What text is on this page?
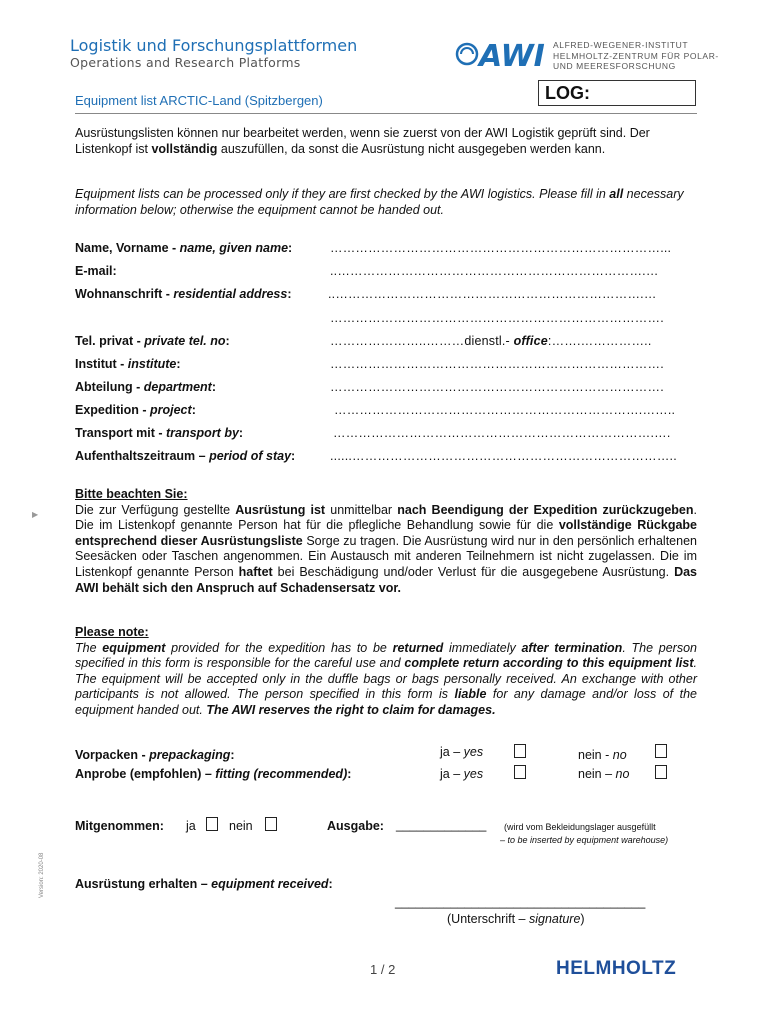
Logistik und Forschungsplattformen
Operations and Research Platforms	AWI ALFRED-WEGENER-INSTITUT
HELMHOLTZ-ZENTRUM FÜR POLAR-
UND MEERESFORSCHUNG
Equipment list ARCTIC-Land (Spitzbergen)	LOG:
Ausrüstungslisten können nur bearbeitet werden, wenn sie zuerst von der AWI Logistik geprüft sind. Der Listenkopf ist vollständig auszufüllen, da sonst die Ausrüstung nicht ausgegeben werden kann.
Equipment lists can be processed only if they are first checked by the AWI logistics. Please fill in all necessary information below; otherwise the equipment cannot be handed out.
Name, Vorname - name, given name:	……………………………………………………………………...
E-mail:	..……………………………………………………………….…
Wohnanschrift - residential address:	..……………………………………………………………….…
…………………………………………………………………….
Tel. privat - private tel. no:	…………………..………dienstl.- office:…….……………..
Institut - institute:	…………………………………………………………………….
Abteilung - department:	…………………………………………………………………….
Expedition - project:	……………………………………………………………….……..
Transport mit - transport by:	………………………………………………………………….….
Aufenthaltszeitraum – period of stay:	......…………………………………………………………………..
▶
Bitte beachten Sie:
Die zur Verfügung gestellte Ausrüstung ist unmittelbar nach Beendigung der Expedition zurückzugeben. Die im Listenkopf genannte Person hat für die pflegliche Behandlung sowie für die vollständige Rückgabe entsprechend dieser Ausrüstungsliste Sorge zu tragen. Die Ausrüstung wird nur in den persönlich erhaltenen Seesäcken oder Taschen angenommen. Ein Austausch mit anderen Teilnehmern ist nicht zugelassen. Die im Listenkopf genannte Person haftet bei Beschädigung und/oder Verlust für die ausgegebene Ausrüstung. Das AWI behält sich den Anspruch auf Schadensersatz vor.
Please note:
The equipment provided for the expedition has to be returned immediately after termination. The person specified in this form is responsible for the careful use and complete return according to this equipment list. The equipment will be accepted only in the duffle bags or bags personally received. An exchange with other participants is not allowed. The person specified in this form is liable for any damage and/or loss of the equipment handed out. The AWI reserves the right to claim for damages.
Vorpacken - prepackaging:	ja – yes	nein - no
Anprobe (empfohlen) – fitting (recommended):	ja – yes	nein – no
Mitgenommen: ja	nein	Ausgabe: _____________ (wird vom Bekleidungslager ausgefüllt
– to be inserted by equipment warehouse)
Ausrüstung erhalten – equipment received:
____________________________________
(Unterschrift – signature)
Version: 2020-08
1 / 2	HELMHOLTZ
